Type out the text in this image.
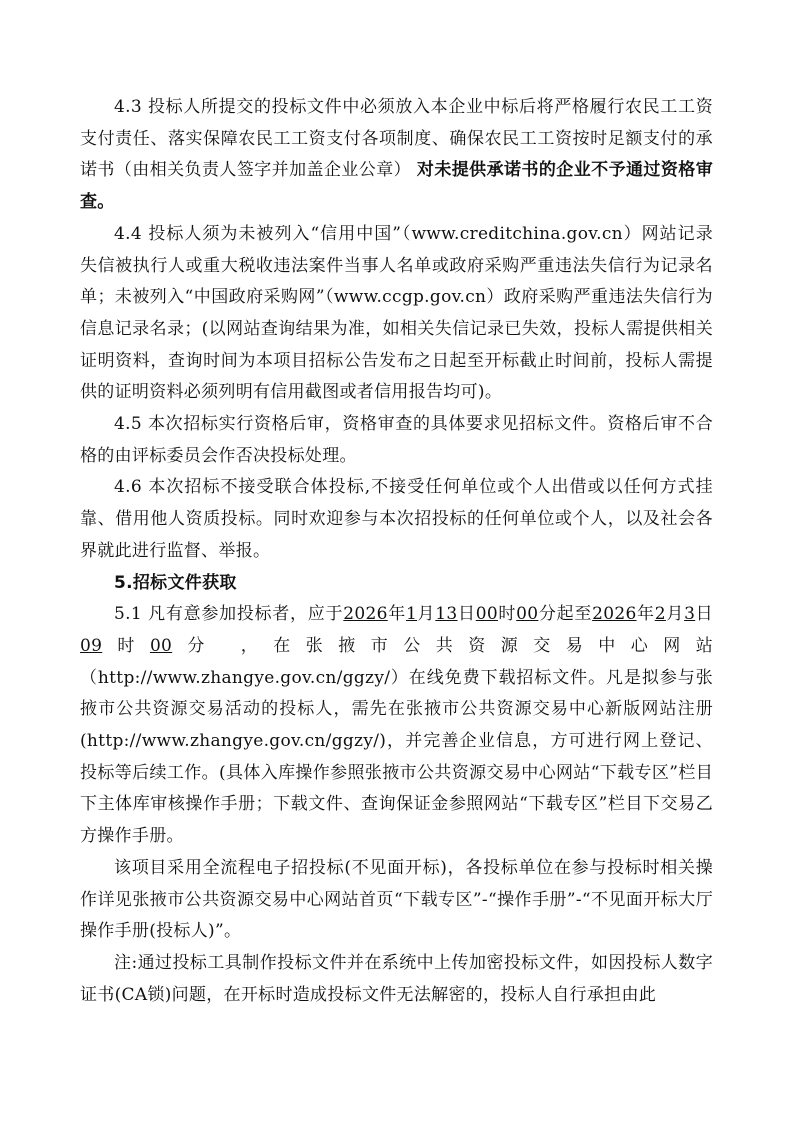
4.3 投标人所提交的投标文件中必须放入本企业中标后将严格履行农民工工资支付责任、落实保障农民工工资支付各项制度、确保农民工工资按时足额支付的承诺书（由相关负责人签字并加盖企业公章） 对未提供承诺书的企业不予通过资格审查。

4.4 投标人须为未被列入“信用中国”（www.creditchina.gov.cn）网站记录失信被执行人或重大税收违法案件当事人名单或政府采购严重违法失信行为记录名单；未被列入“中国政府采购网”（www.ccgp.gov.cn）政府采购严重违法失信行为信息记录名录；(以网站查询结果为准，如相关失信记录已失效，投标人需提供相关证明资料，查询时间为本项目招标公告发布之日起至开标截止时间前，投标人需提供的证明资料必须列明有信用截图或者信用报告均可)。

4.5 本次招标实行资格后审，资格审查的具体要求见招标文件。资格后审不合格的由评标委员会作否决投标处理。

4.6 本次招标不接受联合体投标,不接受任何单位或个人出借或以任何方式挂靠、借用他人资质投标。同时欢迎参与本次招投标的任何单位或个人，以及社会各界就此进行监督、举报。

5.招标文件获取

5.1 凡有意参加投标者，应于2026年1月13日00时00分起至2026年2月3日09时00分 ，在张掖市公共资源交易中心网站（http://www.zhangye.gov.cn/ggzy/）在线免费下载招标文件。凡是拟参与张掖市公共资源交易活动的投标人，需先在张掖市公共资源交易中心新版网站注册(http://www.zhangye.gov.cn/ggzy/)，并完善企业信息，方可进行网上登记、投标等后续工作。(具体入库操作参照张掖市公共资源交易中心网站“下载专区”栏目下主体库审核操作手册；下载文件、查询保证金参照网站“下载专区”栏目下交易乙方操作手册。

该项目采用全流程电子招投标(不见面开标)，各投标单位在参与投标时相关操作详见张掖市公共资源交易中心网站首页“下载专区”-“操作手册”-“不见面开标大厅操作手册(投标人)”。

注:通过投标工具制作投标文件并在系统中上传加密投标文件，如因投标人数字证书(CA锁)问题，在开标时造成投标文件无法解密的，投标人自行承担由此
